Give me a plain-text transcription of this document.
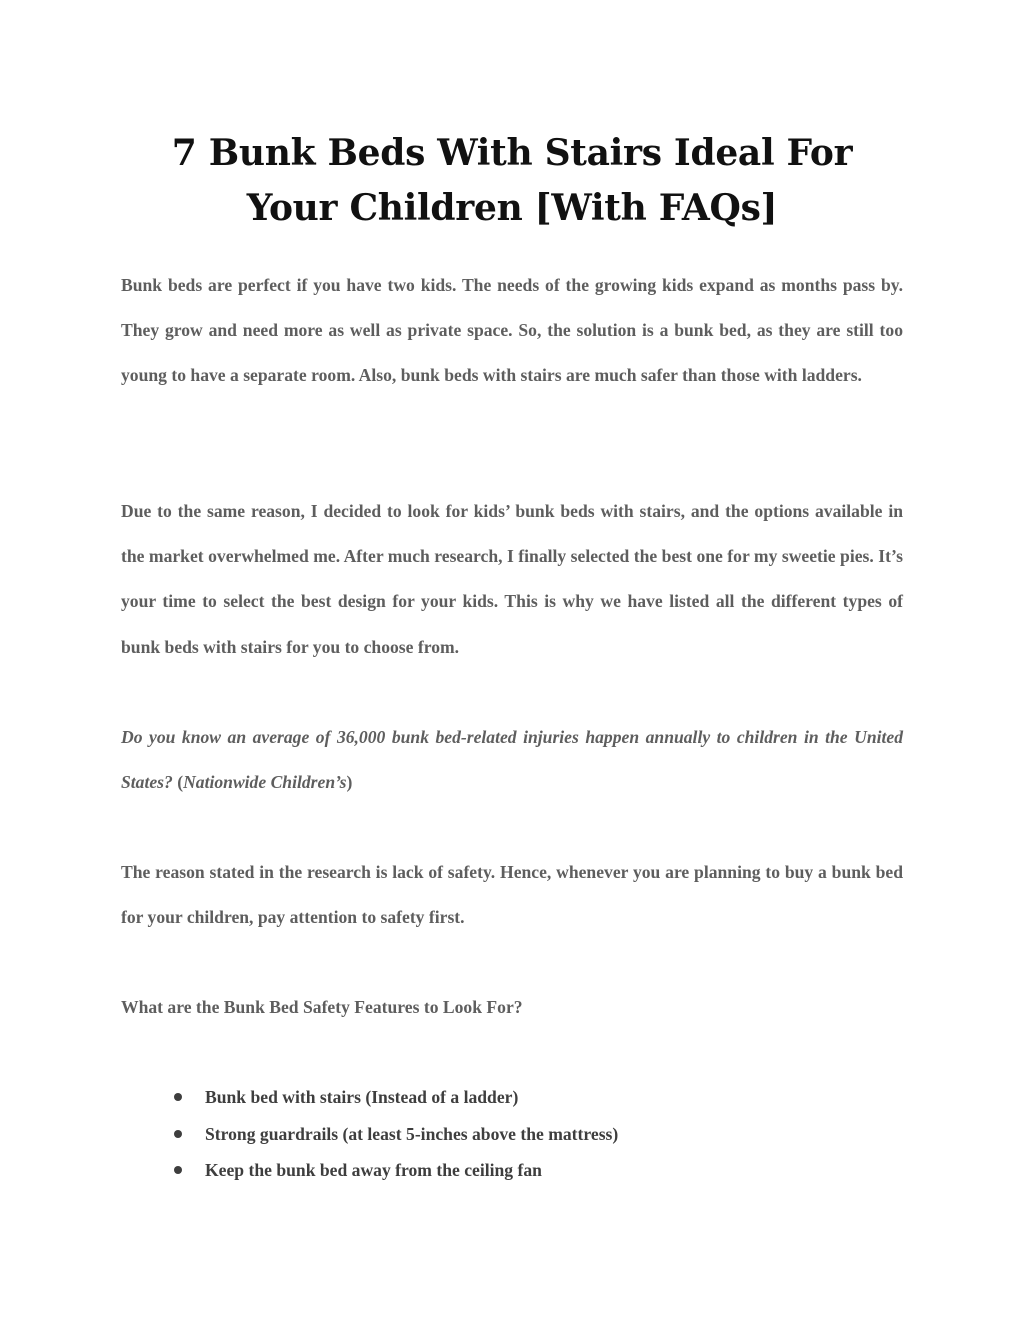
7 Bunk Beds With Stairs Ideal For
Your Children [With FAQs]

Bunk beds are perfect if you have two kids. The needs of the growing kids expand as months pass by. They grow and need more as well as private space. So, the solution is a bunk bed, as they are still too young to have a separate room. Also, bunk beds with stairs are much safer than those with ladders.

Due to the same reason, I decided to look for kids’ bunk beds with stairs, and the options available in the market overwhelmed me. After much research, I finally selected the best one for my sweetie pies. It’s your time to select the best design for your kids. This is why we have listed all the different types of bunk beds with stairs for you to choose from.

Do you know an average of 36,000 bunk bed-related injuries happen annually to children in the United States? (Nationwide Children’s)

The reason stated in the research is lack of safety. Hence, whenever you are planning to buy a bunk bed for your children, pay attention to safety first.

What are the Bunk Bed Safety Features to Look For?
Bunk bed with stairs (Instead of a ladder)
Strong guardrails (at least 5-inches above the mattress)
Keep the bunk bed away from the ceiling fan
